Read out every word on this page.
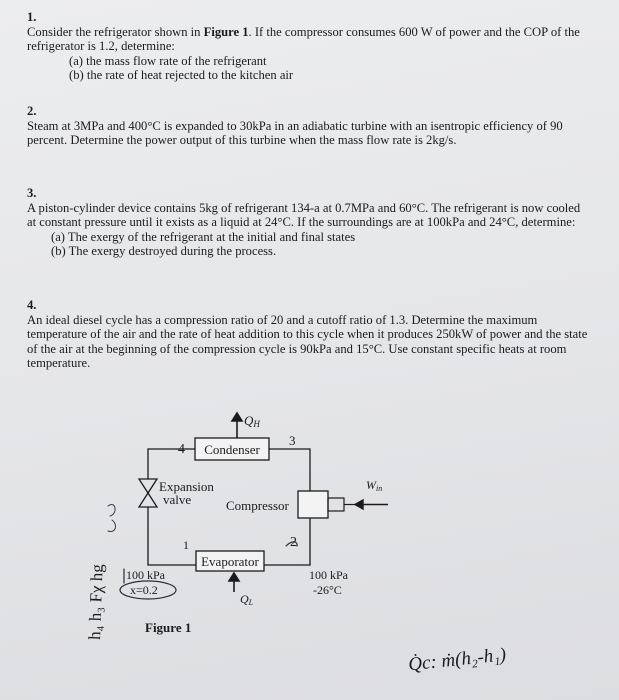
1.
Consider the refrigerator shown in Figure 1. If the compressor consumes 600 W of power and the COP of the refrigerator is 1.2, determine:
(a) the mass flow rate of the refrigerant
(b) the rate of heat rejected to the kitchen air
2.
Steam at 3MPa and 400°C is expanded to 30kPa in an adiabatic turbine with an isentropic efficiency of 90 percent. Determine the power output of this turbine when the mass flow rate is 2kg/s.
3.
A piston-cylinder device contains 5kg of refrigerant 134-a at 0.7MPa and 60°C. The refrigerant is now cooled at constant pressure until it exists as a liquid at 24°C. If the surroundings are at 100kPa and 24°C, determine:
(a) The exergy of the refrigerant at the initial and final states
(b) The exergy destroyed during the process.
4.
An ideal diesel cycle has a compression ratio of 20 and a cutoff ratio of 1.3. Determine the maximum temperature of the air and the rate of heat addition to this cycle when it produces 250kW of power and the state of the air at the beginning of the compression cycle is 90kPa and 15°C. Use constant specific heats at room temperature.
QH
Condenser
Expansion
valve	Compressor
Win
Evaporator
QL
100 kPa
x=0.2
100 kPa
-26°C
Figure 1
4
3
1	2
Q̇c: ṁ(h₂-h₁)
h₄ h₃ Fχ hg
